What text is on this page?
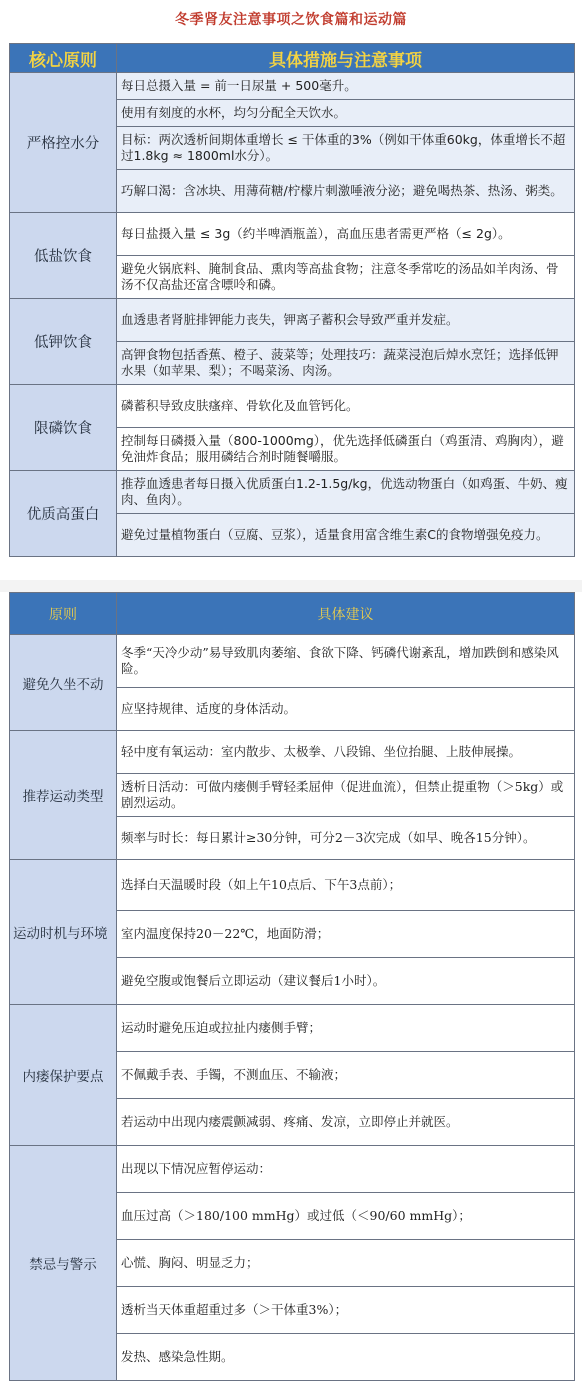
冬季肾友注意事项之饮食篇和运动篇
核心原则	具体措施与注意事项
严格控水分	每日总摄入量 = 前一日尿量 + 500毫升。
	使用有刻度的水杯，均匀分配全天饮水。
	目标：两次透析间期体重增长 ≤ 干体重的3%（例如干体重60kg，体重增长不超过1.8kg ≈ 1800ml水分）。
	巧解口渴：含冰块、用薄荷糖/柠檬片刺激唾液分泌；避免喝热茶、热汤、粥类。
低盐饮食	每日盐摄入量 ≤ 3g（约半啤酒瓶盖），高血压患者需更严格（≤ 2g）。
	避免火锅底料、腌制食品、熏肉等高盐食物；注意冬季常吃的汤品如羊肉汤、骨汤不仅高盐还富含嘌呤和磷。
低钾饮食	血透患者肾脏排钾能力丧失，钾离子蓄积会导致严重并发症。
	高钾食物包括香蕉、橙子、菠菜等；处理技巧：蔬菜浸泡后焯水烹饪；选择低钾水果（如苹果、梨）；不喝菜汤、肉汤。
限磷饮食	磷蓄积导致皮肤瘙痒、骨软化及血管钙化。
	控制每日磷摄入量（800-1000mg），优先选择低磷蛋白（鸡蛋清、鸡胸肉），避免油炸食品；服用磷结合剂时随餐嚼服。
优质高蛋白	推荐血透患者每日摄入优质蛋白1.2-1.5g/kg，优选动物蛋白（如鸡蛋、牛奶、瘦肉、鱼肉）。
	避免过量植物蛋白（豆腐、豆浆），适量食用富含维生素C的食物增强免疫力。
原则	具体建议
避免久坐不动	冬季“天冷少动”易导致肌肉萎缩、食欲下降、钙磷代谢紊乱，增加跌倒和感染风险。
	应坚持规律、适度的身体活动。
推荐运动类型	轻中度有氧运动：室内散步、太极拳、八段锦、坐位抬腿、上肢伸展操。
	透析日活动：可做内瘘侧手臂轻柔屈伸（促进血流），但禁止提重物（＞5kg）或剧烈运动。
	频率与时长：每日累计≥30分钟，可分2－3次完成（如早、晚各15分钟）。
运动时机与环境	选择白天温暖时段（如上午10点后、下午3点前）；
	室内温度保持20－22℃，地面防滑；
	避免空腹或饱餐后立即运动（建议餐后1小时）。
内瘘保护要点	运动时避免压迫或拉扯内瘘侧手臂；
	不佩戴手表、手镯，不测血压、不输液；
	若运动中出现内瘘震颤减弱、疼痛、发凉，立即停止并就医。
禁忌与警示	出现以下情况应暂停运动：
	血压过高（＞180/100 mmHg）或过低（＜90/60 mmHg）；
	心慌、胸闷、明显乏力；
	透析当天体重超重过多（＞干体重3%）；
	发热、感染急性期。
